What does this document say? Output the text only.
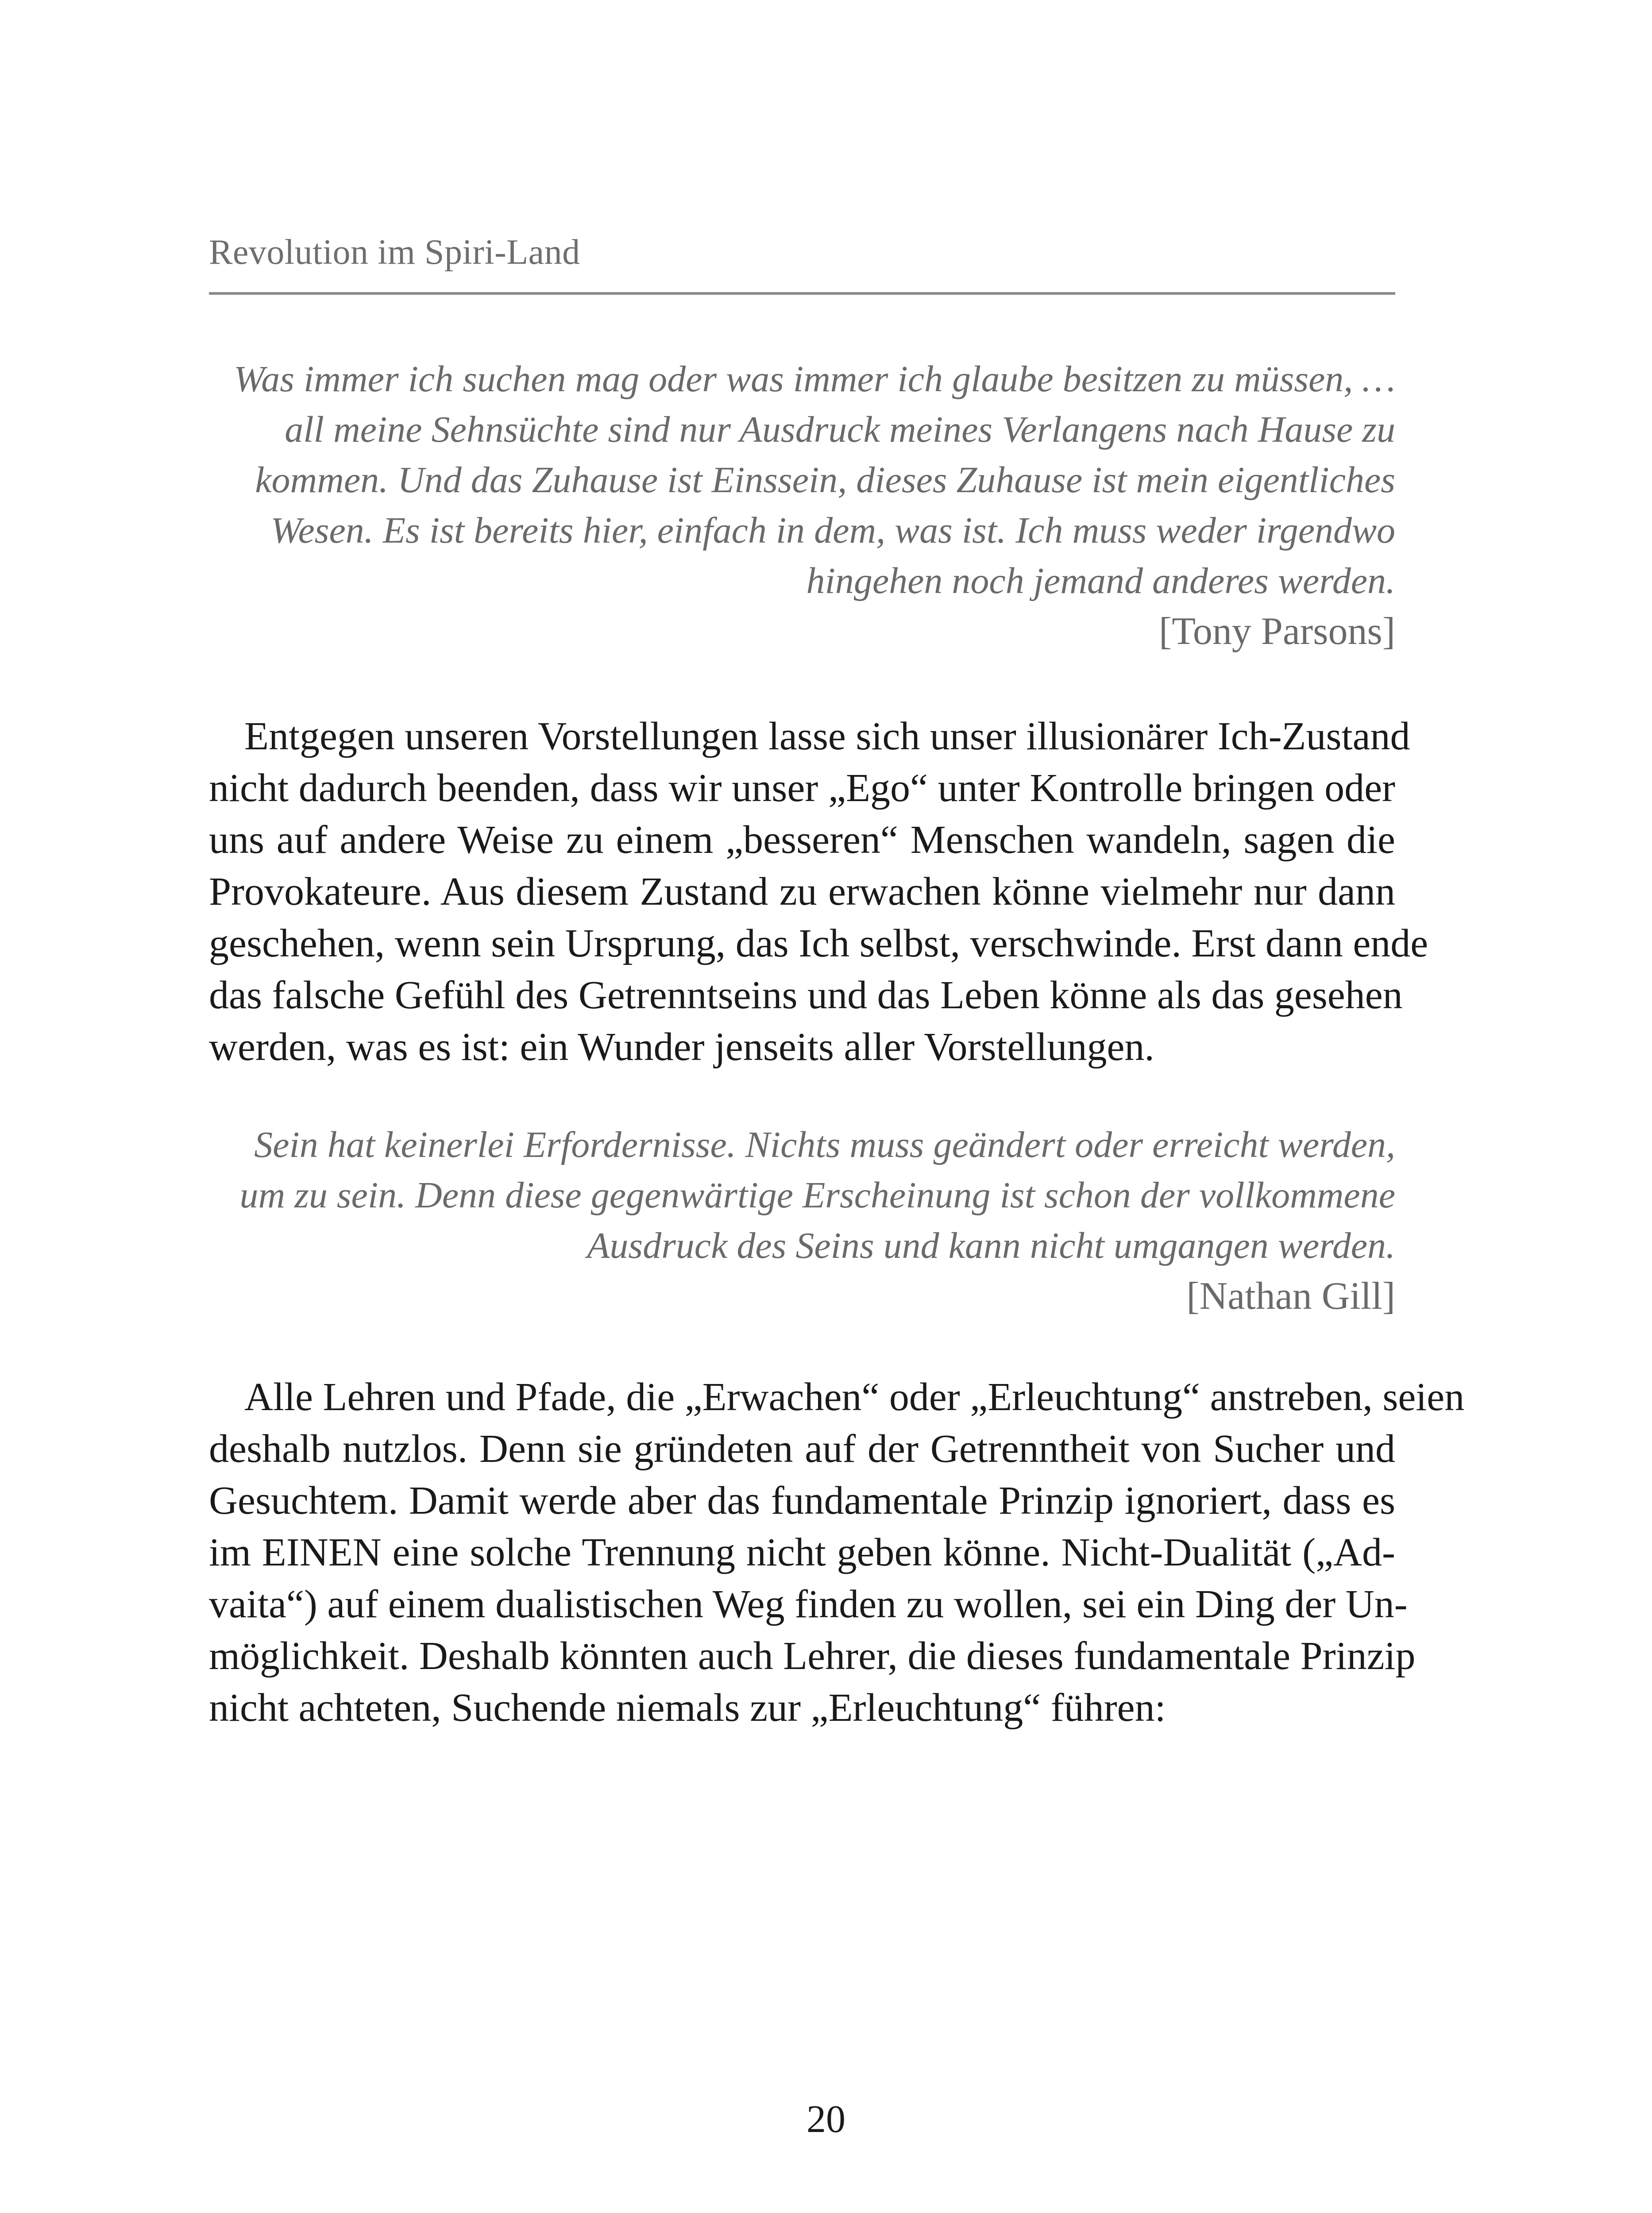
Revolution im Spiri-Land
Was immer ich suchen mag oder was immer ich glaube besitzen zu müssen, …
all meine Sehnsüchte sind nur Ausdruck meines Verlangens nach Hause zu
kommen. Und das Zuhause ist Einssein, dieses Zuhause ist mein eigentliches
Wesen. Es ist bereits hier, einfach in dem, was ist. Ich muss weder irgendwo
hingehen noch jemand anderes werden.
[Tony Parsons]
Entgegen unseren Vorstellungen lasse sich unser illusionärer Ich-Zustand
nicht dadurch beenden, dass wir unser „Ego“ unter Kontrolle bringen oder
uns auf andere Weise zu einem „besseren“ Menschen wandeln, sagen die
Provokateure. Aus diesem Zustand zu erwachen könne vielmehr nur dann
geschehen, wenn sein Ursprung, das Ich selbst, verschwinde. Erst dann ende
das falsche Gefühl des Getrenntseins und das Leben könne als das gesehen
werden, was es ist: ein Wunder jenseits aller Vorstellungen.
Sein hat keinerlei Erfordernisse. Nichts muss geändert oder erreicht werden,
um zu sein. Denn diese gegenwärtige Erscheinung ist schon der vollkommene
Ausdruck des Seins und kann nicht umgangen werden.
[Nathan Gill]
Alle Lehren und Pfade, die „Erwachen“ oder „Erleuchtung“ anstreben, seien
deshalb nutzlos. Denn sie gründeten auf der Getrenntheit von Sucher und
Gesuchtem. Damit werde aber das fundamentale Prinzip ignoriert, dass es
im EINEN eine solche Trennung nicht geben könne. Nicht-Dualität („Ad-
vaita“) auf einem dualistischen Weg finden zu wollen, sei ein Ding der Un-
möglichkeit. Deshalb könnten auch Lehrer, die dieses fundamentale Prinzip
nicht achteten, Suchende niemals zur „Erleuchtung“ führen:
20
